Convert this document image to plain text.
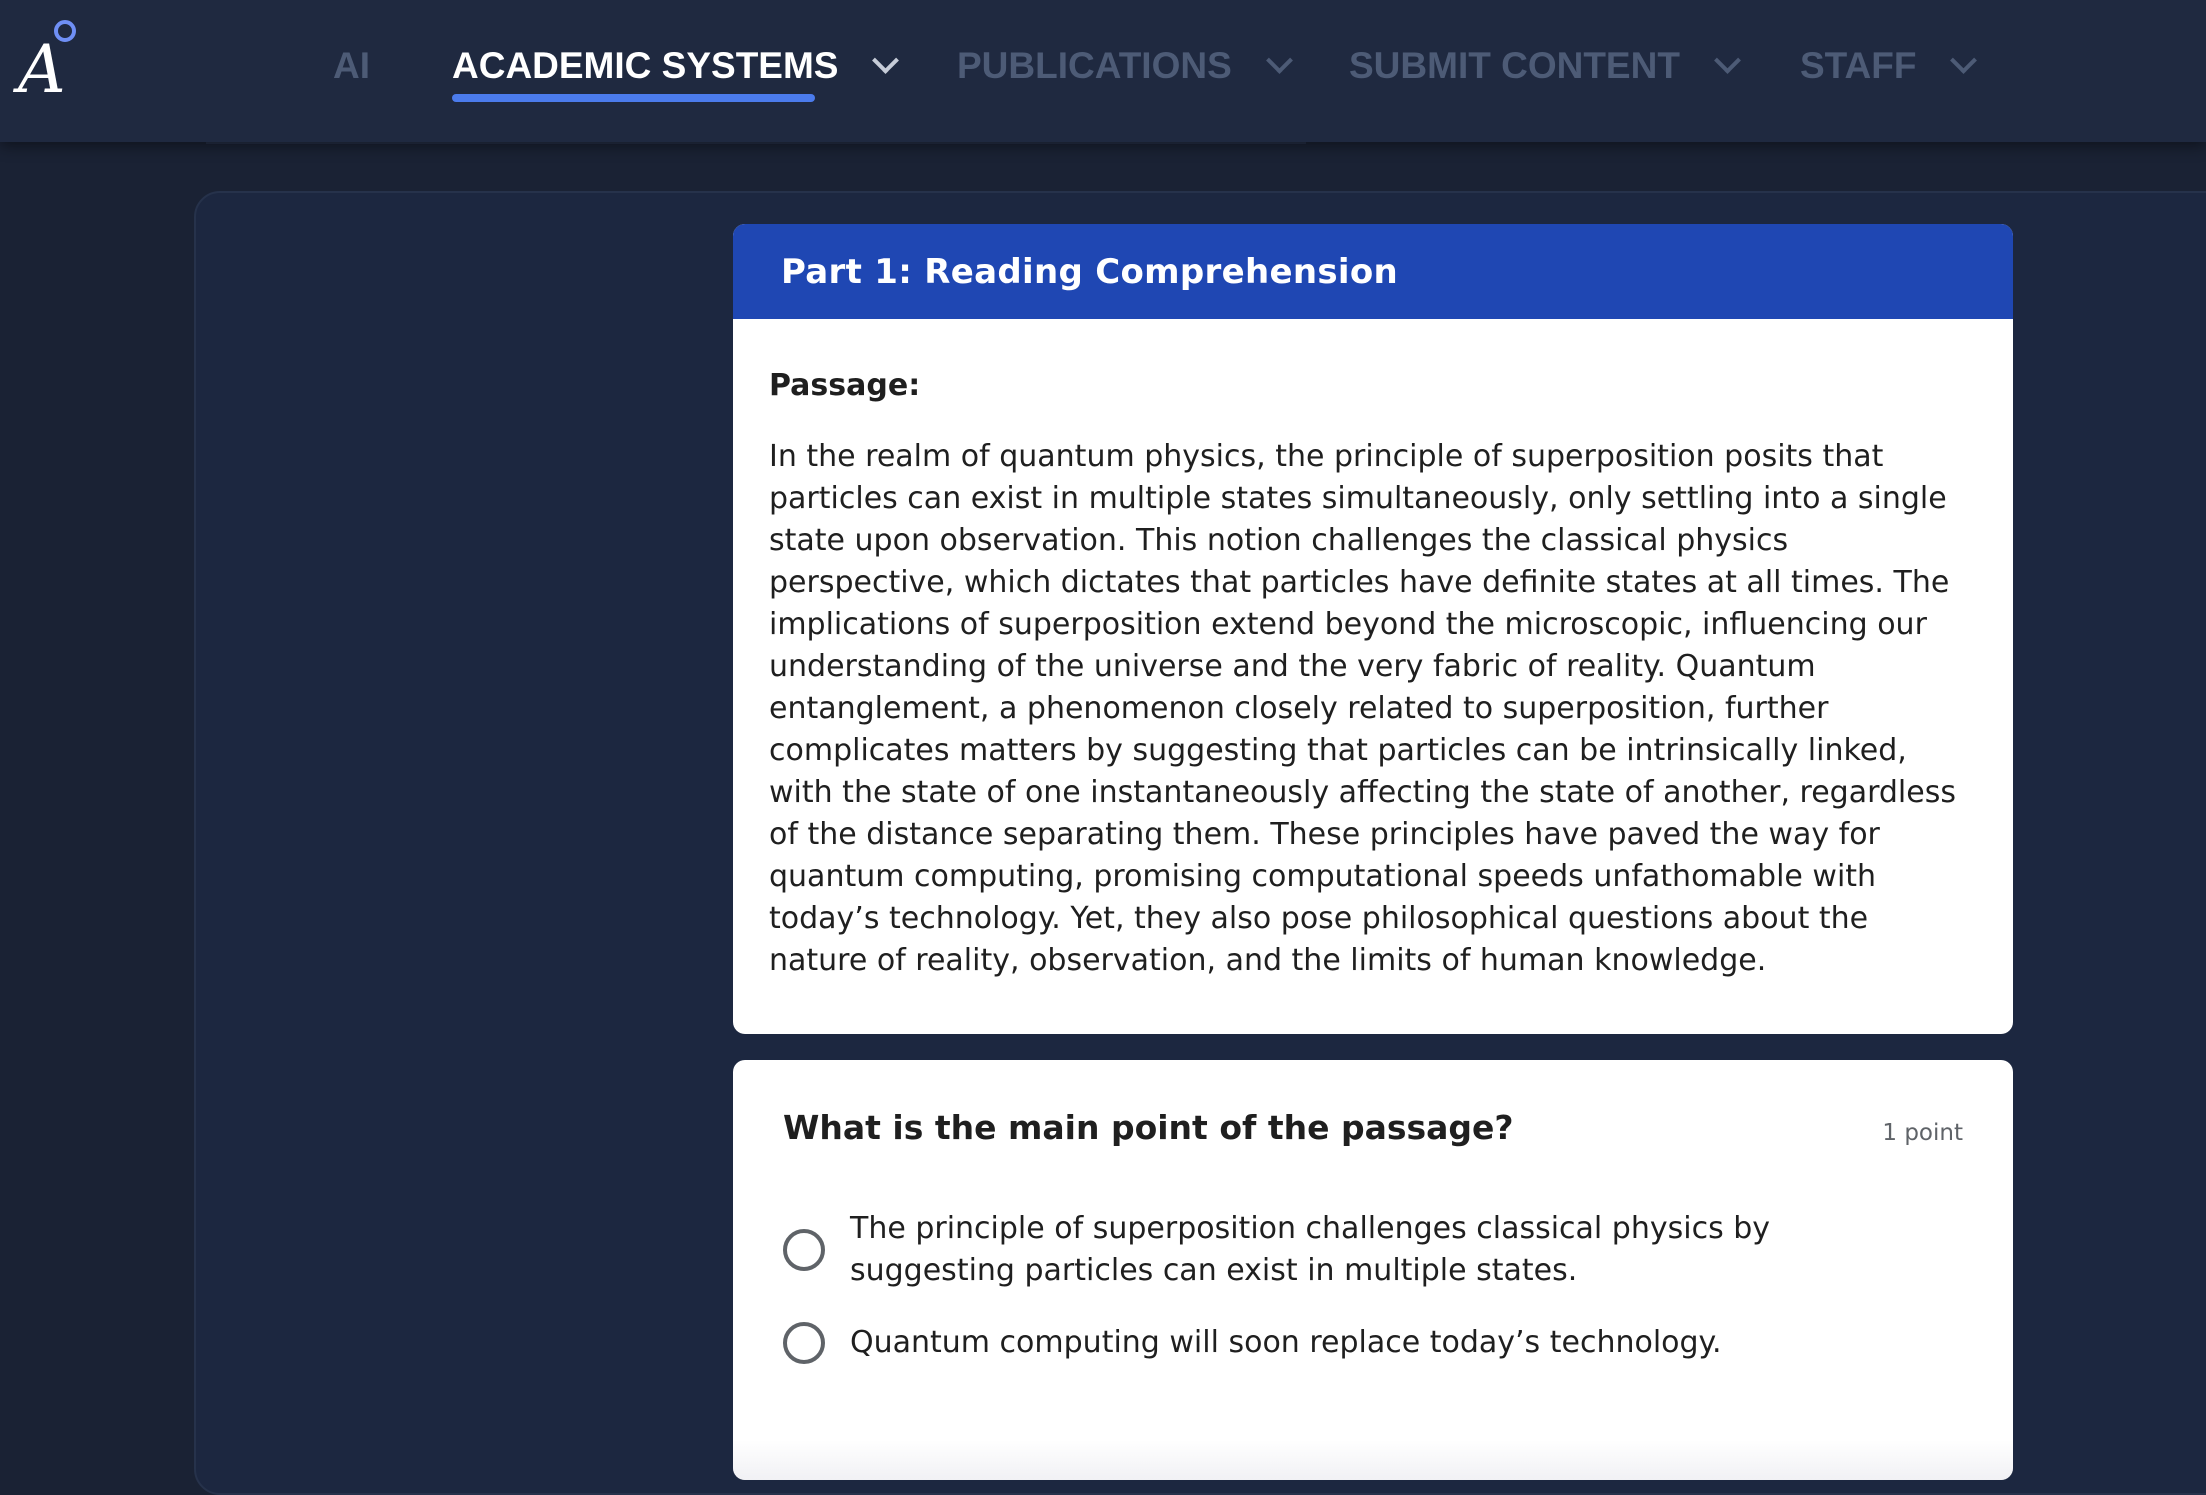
A	AI ACADEMIC SYSTEMS	PUBLICATIONS	SUBMIT CONTENT	STAFF
Part 1: Reading Comprehension
Passage:
In the realm of quantum physics, the principle of superposition posits that particles can exist in multiple states simultaneously, only settling into a single state upon observation. This notion challenges the classical physics perspective, which dictates that particles have definite states at all times. The implications of superposition extend beyond the microscopic, influencing our understanding of the universe and the very fabric of reality. Quantum entanglement, a phenomenon closely related to superposition, further complicates matters by suggesting that particles can be intrinsically linked, with the state of one instantaneously affecting the state of another, regardless of the distance separating them. These principles have paved the way for quantum computing, promising computational speeds unfathomable with today’s technology. Yet, they also pose philosophical questions about the nature of reality, observation, and the limits of human knowledge.
What is the main point of the passage?	1 point
The principle of superposition challenges classical physics by suggesting particles can exist in multiple states.
Quantum computing will soon replace today’s technology.
